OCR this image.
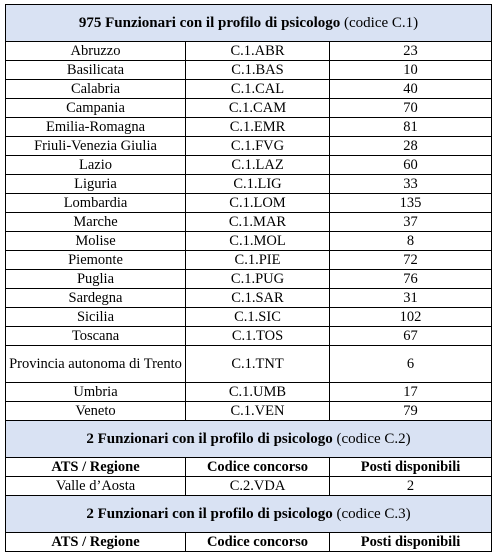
975 Funzionari con il profilo di psicologo (codice C.1)		
Abruzzo	C.1.ABR	23
Basilicata	C.1.BAS	10
Calabria	C.1.CAL	40
Campania	C.1.CAM	70
Emilia-Romagna	C.1.EMR	81
Friuli-Venezia Giulia	C.1.FVG	28
Lazio	C.1.LAZ	60
Liguria	C.1.LIG	33
Lombardia	C.1.LOM	135
Marche	C.1.MAR	37
Molise	C.1.MOL	8
Piemonte	C.1.PIE	72
Puglia	C.1.PUG	76
Sardegna	C.1.SAR	31
Sicilia	C.1.SIC	102
Toscana	C.1.TOS	67
Provincia autonoma di Trento	C.1.TNT	6
Umbria	C.1.UMB	17
Veneto	C.1.VEN	79
2 Funzionari con il profilo di psicologo (codice C.2)		
ATS / Regione	Codice concorso	Posti disponibili
Valle d’Aosta	C.2.VDA	2
2 Funzionari con il profilo di psicologo (codice C.3)		
ATS / Regione	Codice concorso	Posti disponibili
